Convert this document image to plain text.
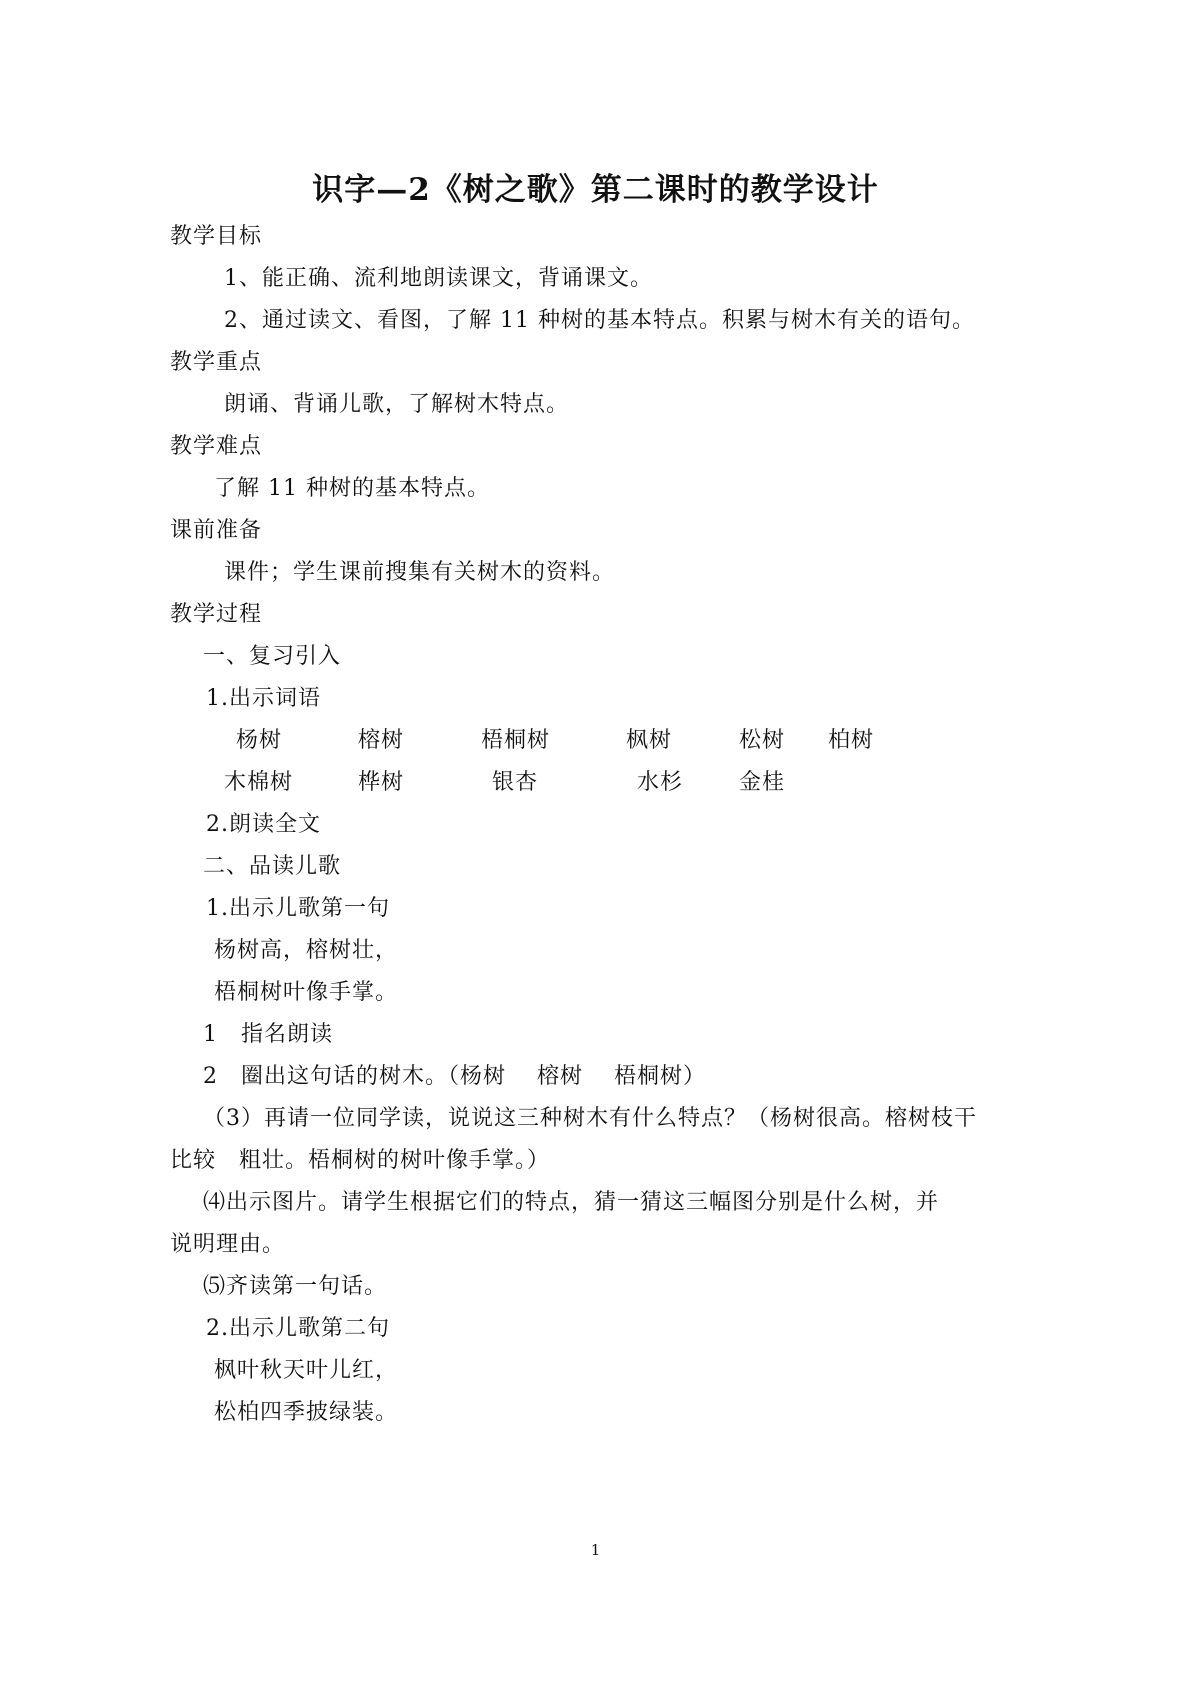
识字—2《树之歌》第二课时的教学设计
教学目标
1、能正确、流利地朗读课文，背诵课文。
2、通过读文、看图，了解 11 种树的基本特点。积累与树木有关的语句。
教学重点
朗诵、背诵儿歌，了解树木特点。
教学难点
了解 11 种树的基本特点。
课前准备
课件；学生课前搜集有关树木的资料。
教学过程
一、复习引入
1.出示词语
杨树	榕树	梧桐树	枫树	松树 柏树
木棉树	桦树	银杏	水杉	金桂
2.朗读全文
二、品读儿歌
1.出示儿歌第一句
杨树高，榕树壮，
梧桐树叶像手掌。
1　指名朗读
2　圈出这句话的树木。（杨树　 榕树　 梧桐树）
（3）再请一位同学读，说说这三种树木有什么特点？（杨树很高。榕树枝干
比较　粗壮。梧桐树的树叶像手掌。）
⑷出示图片。请学生根据它们的特点，猜一猜这三幅图分别是什么树，并
说明理由。
⑸齐读第一句话。
2.出示儿歌第二句
枫叶秋天叶儿红，
松柏四季披绿装。
1
